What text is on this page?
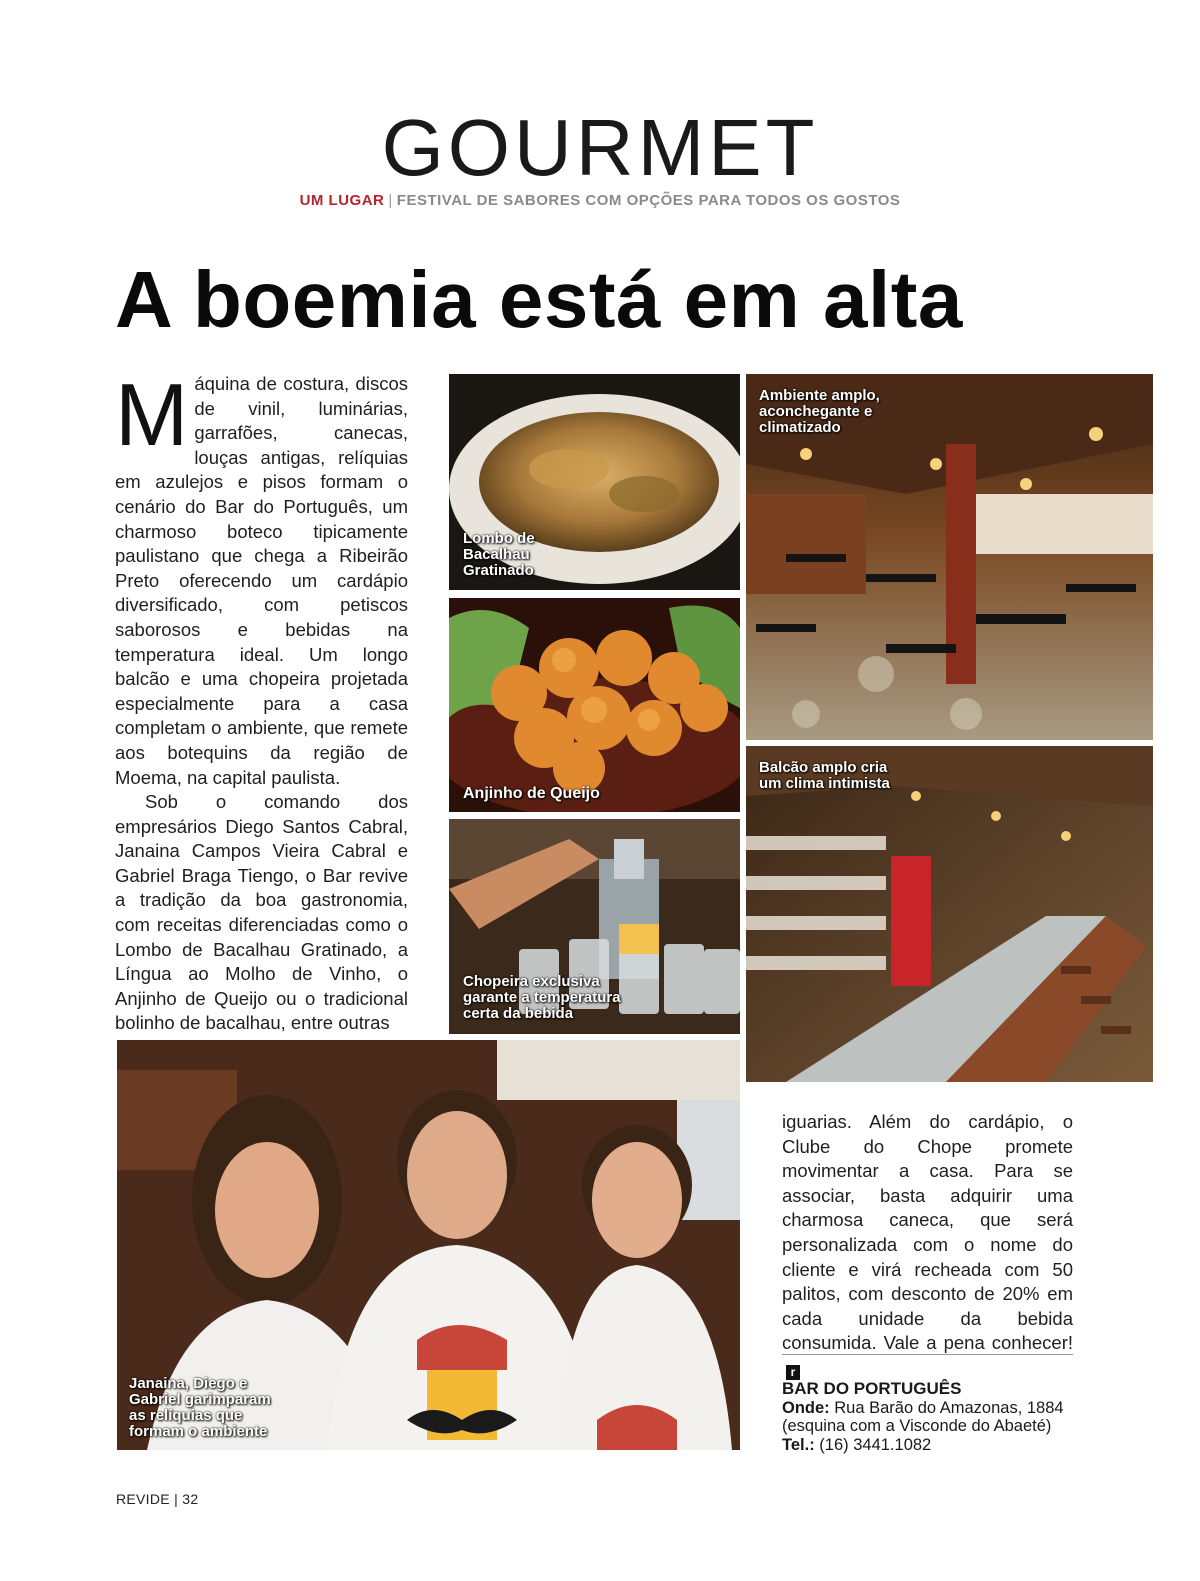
GOURMET
UM LUGAR | FESTIVAL DE SABORES COM OPÇÕES PARA TODOS OS GOSTOS
A boemia está em alta

Máquina de costura, discos de vinil, luminárias, garrafões, canecas, louças antigas, relíquias em azulejos e pisos formam o cenário do Bar do Português, um charmoso boteco tipicamente paulistano que chega a Ribeirão Preto oferecendo um cardápio diversificado, com petiscos saborosos e bebidas na temperatura ideal. Um longo balcão e uma chopeira projetada especialmente para a casa completam o ambiente, que remete aos botequins da região de Moema, na capital paulista.

Sob o comando dos empresários Diego Santos Cabral, Janaina Campos Vieira Cabral e Gabriel Braga Tiengo, o Bar revive a tradição da boa gastronomia, com receitas diferenciadas como o Lombo de Bacalhau Gratinado, a Língua ao Molho de Vinho, o Anjinho de Queijo ou o tradicional bolinho de bacalhau, entre outras

Lombo de Bacalhau Gratinado
Anjinho de Queijo
Chopeira exclusiva garante a temperatura certa da bebida
Ambiente amplo, aconchegante e climatizado
Balcão amplo cria um clima intimista
Janaina, Diego e Gabriel garimparam as relíquias que formam o ambiente
iguarias. Além do cardápio, o Clube do Chope promete movimentar a casa. Para se associar, basta adquirir uma charmosa caneca, que será personalizada com o nome do cliente e virá recheada com 50 palitos, com desconto de 20% em cada unidade da bebida consumida. Vale a pena conhecer!r
BAR DO PORTUGUÊS
Onde: Rua Barão do Amazonas, 1884
(esquina com a Visconde do Abaeté)
Tel.: (16) 3441.1082
REVIDE | 32
